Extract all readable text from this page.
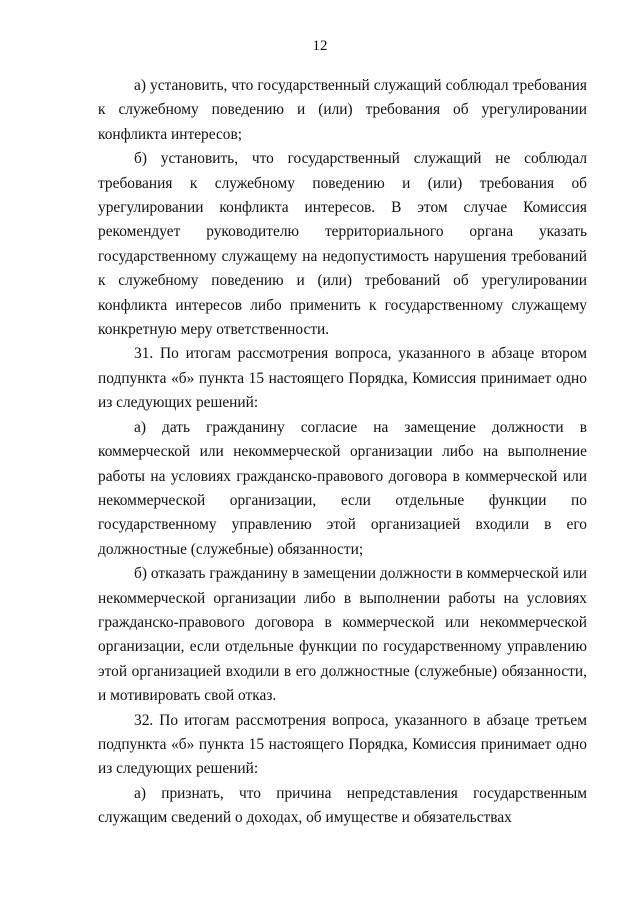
12

а) установить, что государственный служащий соблюдал требования к служебному поведению и (или) требования об урегулировании конфликта интересов;

б) установить, что государственный служащий не соблюдал требования к служебному поведению и (или) требования об урегулировании конфликта интересов. В этом случае Комиссия рекомендует руководителю территориального органа указать государственному служащему на недопустимость нарушения требований к служебному поведению и (или) требований об урегулировании конфликта интересов либо применить к государственному служащему конкретную меру ответственности.

31. По итогам рассмотрения вопроса, указанного в абзаце втором подпункта «б» пункта 15 настоящего Порядка, Комиссия принимает одно из следующих решений:

а) дать гражданину согласие на замещение должности в коммерческой или некоммерческой организации либо на выполнение работы на условиях гражданско-правового договора в коммерческой или некоммерческой организации, если отдельные функции по государственному управлению этой организацией входили в его должностные (служебные) обязанности;

б) отказать гражданину в замещении должности в коммерческой или некоммерческой организации либо в выполнении работы на условиях гражданско-правового договора в коммерческой или некоммерческой организации, если отдельные функции по государственному управлению этой организацией входили в его должностные (служебные) обязанности, и мотивировать свой отказ.

32. По итогам рассмотрения вопроса, указанного в абзаце третьем подпункта «б» пункта 15 настоящего Порядка, Комиссия принимает одно из следующих решений:

а) признать, что причина непредставления государственным служащим сведений о доходах, об имуществе и обязательствах
